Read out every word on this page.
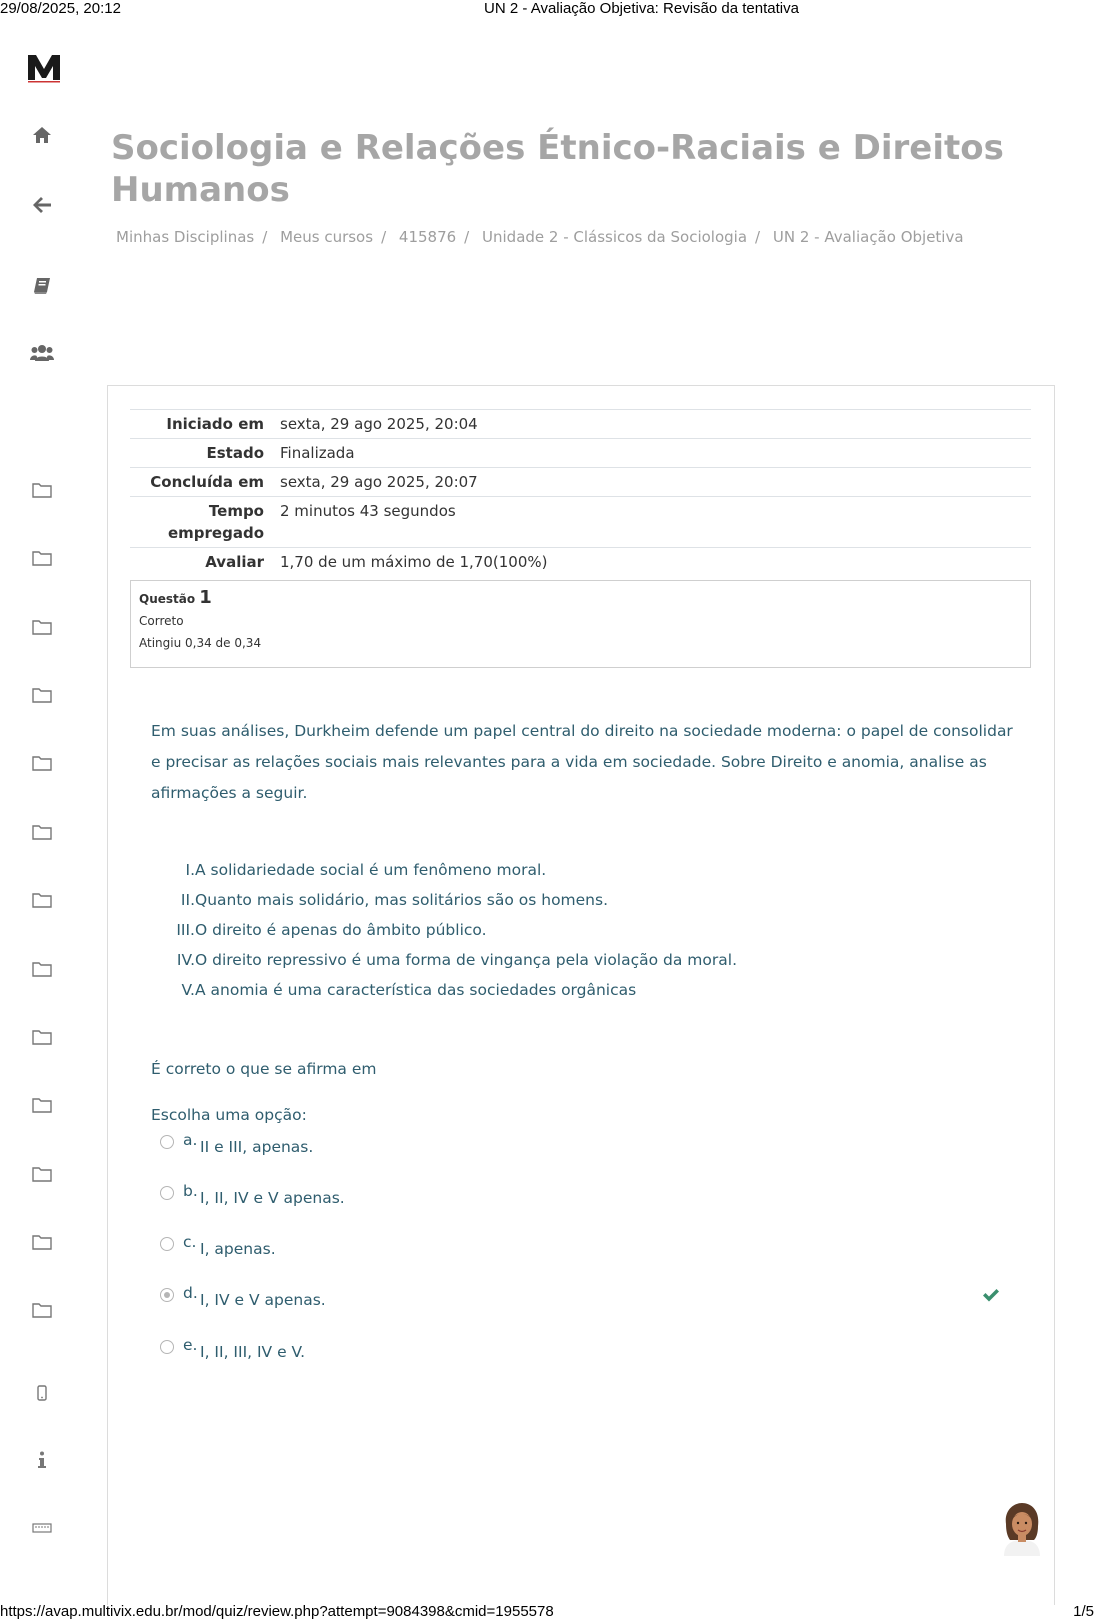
29/08/2025, 20:12	UN 2 - Avaliação Objetiva: Revisão da tentativa
Sociologia e Relações Étnico-Raciais e Direitos Humanos
Minhas Disciplinas / Meus cursos / 415876 / Unidade 2 - Clássicos da Sociologia / UN 2 - Avaliação Objetiva
Iniciado em	sexta, 29 ago 2025, 20:04
Estado	Finalizada
Concluída em	sexta, 29 ago 2025, 20:07
Tempo empregado	2 minutos 43 segundos
Avaliar	1,70 de um máximo de 1,70(100%)
Questão 1
Correto
Atingiu 0,34 de 0,34
Em suas análises, Durkheim defende um papel central do direito na sociedade moderna: o papel de consolidar e precisar as relações sociais mais relevantes para a vida em sociedade. Sobre Direito e anomia, analise as afirmações a seguir.
I. A solidariedade social é um fenômeno moral.
II. Quanto mais solidário, mas solitários são os homens.
III. O direito é apenas do âmbito público.
IV. O direito repressivo é uma forma de vingança pela violação da moral.
V. A anomia é uma característica das sociedades orgânicas
É correto o que se afirma em
Escolha uma opção:
a. II e III, apenas.
b. I, II, IV e V apenas.
c. I, apenas.
d. I, IV e V apenas.
e. I, II, III, IV e V.
https://avap.multivix.edu.br/mod/quiz/review.php?attempt=9084398&cmid=1955578	1/5
